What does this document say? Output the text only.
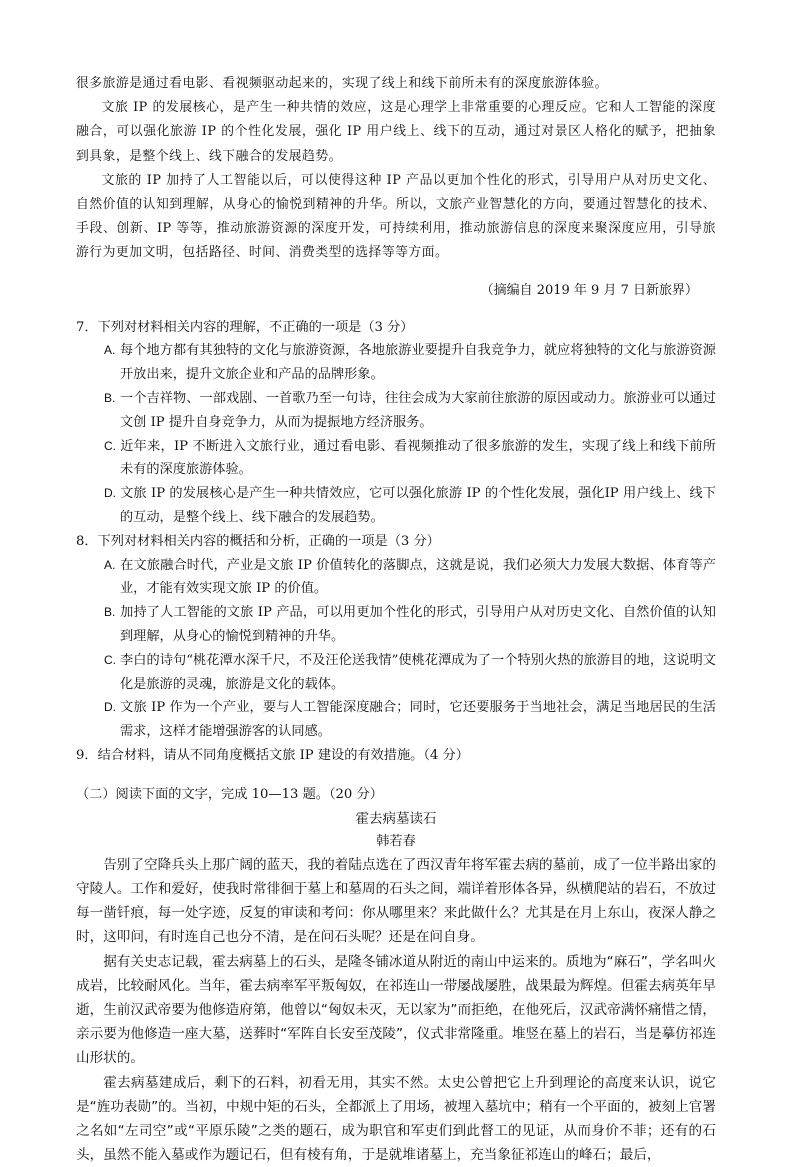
很多旅游是通过看电影、看视频驱动起来的，实现了线上和线下前所未有的深度旅游体验。

文旅 IP 的发展核心，是产生一种共情的效应，这是心理学上非常重要的心理反应。它和人工智能的深度融合，可以强化旅游 IP 的个性化发展，强化 IP 用户线上、线下的互动，通过对景区人格化的赋予，把抽象到具象，是整个线上、线下融合的发展趋势。

文旅的 IP 加持了人工智能以后，可以使得这种 IP 产品以更加个性化的形式，引导用户从对历史文化、自然价值的认知到理解，从身心的愉悦到精神的升华。所以，文旅产业智慧化的方向，要通过智慧化的技术、手段、创新、IP 等等，推动旅游资源的深度开发，可持续利用，推动旅游信息的深度来聚深度应用，引导旅游行为更加文明，包括路径、时间、消费类型的选择等等方面。

（摘编自 2019 年 9 月 7 日新旅界）

7．下列对材料相关内容的理解，不正确的一项是（3 分）

A. 每个地方都有其独特的文化与旅游资源，各地旅游业要提升自我竞争力，就应将独特的文化与旅游资源开放出来，提升文旅企业和产品的品牌形象。

B. 一个吉祥物、一部戏剧、一首歌乃至一句诗，往往会成为大家前往旅游的原因或动力。旅游业可以通过文创 IP 提升自身竞争力，从而为提振地方经济服务。

C. 近年来，IP 不断进入文旅行业，通过看电影、看视频推动了很多旅游的发生，实现了线上和线下前所未有的深度旅游体验。

D. 文旅 IP 的发展核心是产生一种共情效应，它可以强化旅游 IP 的个性化发展，强化IP 用户线上、线下的互动，是整个线上、线下融合的发展趋势。

8．下列对材料相关内容的概括和分析，正确的一项是（3 分）

A. 在文旅融合时代，产业是文旅 IP 价值转化的落脚点，这就是说，我们必须大力发展大数据、体育等产业，才能有效实现文旅 IP 的价值。

B. 加持了人工智能的文旅 IP 产品，可以用更加个性化的形式，引导用户从对历史文化、自然价值的认知到理解，从身心的愉悦到精神的升华。

C. 李白的诗句“桃花潭水深千尺，不及汪伦送我情”使桃花潭成为了一个特别火热的旅游目的地，这说明文化是旅游的灵魂，旅游是文化的载体。

D. 文旅 IP 作为一个产业，要与人工智能深度融合；同时，它还要服务于当地社会，满足当地居民的生活需求，这样才能增强游客的认同感。

9．结合材料，请从不同角度概括文旅 IP 建设的有效措施。（4 分）

（二）阅读下面的文字，完成 10—13 题。（20 分）

霍去病墓读石

韩若春

告别了空降兵头上那广阔的蓝天，我的着陆点选在了西汉青年将军霍去病的墓前，成了一位半路出家的守陵人。工作和爱好，使我时常徘徊于墓上和墓周的石头之间，端详着形体各异，纵横爬站的岩石，不放过每一凿钎痕，每一处字迹，反复的审读和考问：你从哪里来？来此做什么？尤其是在月上东山，夜深人静之时，这叩问，有时连自己也分不清，是在问石头呢？还是在问自身。

据有关史志记载，霍去病墓上的石头，是隆冬铺冰道从附近的南山中运来的。质地为“麻石”，学名叫火成岩，比较耐风化。当年，霍去病率军平叛匈奴，在祁连山一带屡战屡胜，战果最为辉煌。但霍去病英年早逝，生前汉武帝要为他修造府第，他曾以“匈奴未灭，无以家为”而拒绝，在他死后，汉武帝满怀痛惜之情，亲示要为他修造一座大墓，送葬时“军阵自长安至茂陵”，仪式非常隆重。堆竖在墓上的岩石，当是摹仿祁连山形状的。

霍去病墓建成后，剩下的石料，初看无用，其实不然。太史公曾把它上升到理论的高度来认识，说它是“旌功表勋”的。当初，中规中矩的石头，全都派上了用场，被埋入墓坑中；稍有一个平面的，被刻上官署之名如“左司空”或“平原乐陵”之类的题石，成为职官和军吏们到此督工的见证，从而身价不菲；还有的石头，虽然不能入墓或作为题记石，但有棱有角，于是就堆诸墓上，充当象征祁连山的峰石；最后，
